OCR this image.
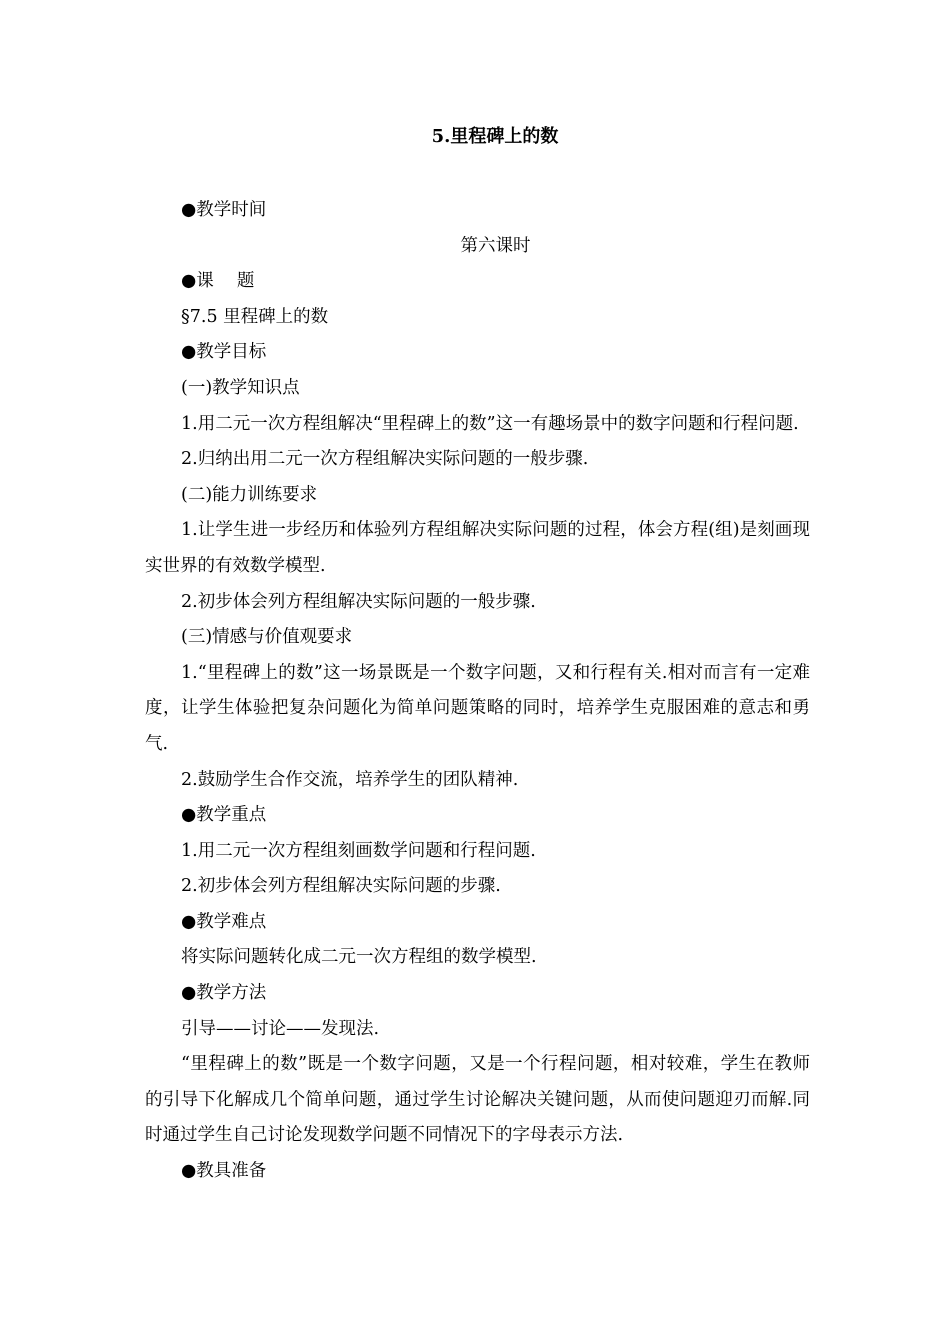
5.里程碑上的数

●教学时间

第六课时

●课　 题

§7.5 里程碑上的数

●教学目标

(一)教学知识点

1.用二元一次方程组解决“里程碑上的数”这一有趣场景中的数字问题和行程问题.

2.归纳出用二元一次方程组解决实际问题的一般步骤.

(二)能力训练要求

1.让学生进一步经历和体验列方程组解决实际问题的过程，体会方程(组)是刻画现实世界的有效数学模型.

2.初步体会列方程组解决实际问题的一般步骤.

(三)情感与价值观要求

1.“里程碑上的数”这一场景既是一个数字问题，又和行程有关.相对而言有一定难度，让学生体验把复杂问题化为简单问题策略的同时，培养学生克服困难的意志和勇气.

2.鼓励学生合作交流，培养学生的团队精神.

●教学重点

1.用二元一次方程组刻画数学问题和行程问题.

2.初步体会列方程组解决实际问题的步骤.

●教学难点

将实际问题转化成二元一次方程组的数学模型.

●教学方法

引导——讨论——发现法.

“里程碑上的数”既是一个数字问题，又是一个行程问题，相对较难，学生在教师的引导下化解成几个简单问题，通过学生讨论解决关键问题，从而使问题迎刃而解.同时通过学生自己讨论发现数学问题不同情况下的字母表示方法.

●教具准备
